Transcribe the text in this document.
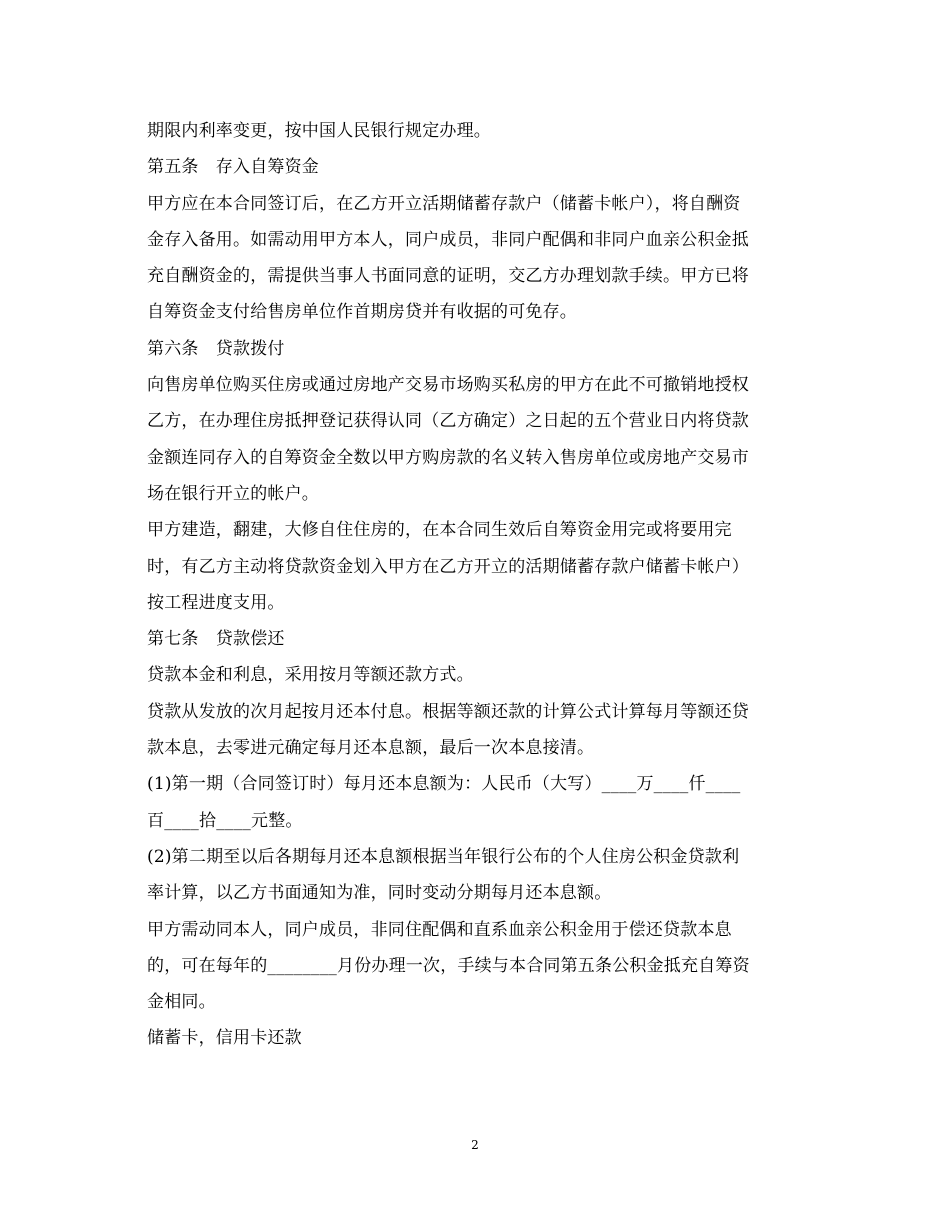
期限内利率变更，按中国人民银行规定办理。
第五条　存入自筹资金
甲方应在本合同签订后，在乙方开立活期储蓄存款户（储蓄卡帐户），将自酬资
金存入备用。如需动用甲方本人，同户成员，非同户配偶和非同户血亲公积金抵
充自酬资金的，需提供当事人书面同意的证明，交乙方办理划款手续。甲方已将
自筹资金支付给售房单位作首期房贷并有收据的可免存。
第六条　贷款拨付
向售房单位购买住房或通过房地产交易市场购买私房的甲方在此不可撤销地授权
乙方，在办理住房抵押登记获得认同（乙方确定）之日起的五个营业日内将贷款
金额连同存入的自筹资金全数以甲方购房款的名义转入售房单位或房地产交易市
场在银行开立的帐户。
甲方建造，翻建，大修自住住房的，在本合同生效后自筹资金用完或将要用完
时，有乙方主动将贷款资金划入甲方在乙方开立的活期储蓄存款户储蓄卡帐户）
按工程进度支用。
第七条　贷款偿还
贷款本金和利息，采用按月等额还款方式。
贷款从发放的次月起按月还本付息。根据等额还款的计算公式计算每月等额还贷
款本息，去零进元确定每月还本息额，最后一次本息接清。
(1)第一期（合同签订时）每月还本息额为：人民币（大写）____万____仟____
百____拾____元整。
(2)第二期至以后各期每月还本息额根据当年银行公布的个人住房公积金贷款利
率计算，以乙方书面通知为准，同时变动分期每月还本息额。
甲方需动同本人，同户成员，非同住配偶和直系血亲公积金用于偿还贷款本息
的，可在每年的________月份办理一次，手续与本合同第五条公积金抵充自筹资
金相同。
储蓄卡，信用卡还款
2
